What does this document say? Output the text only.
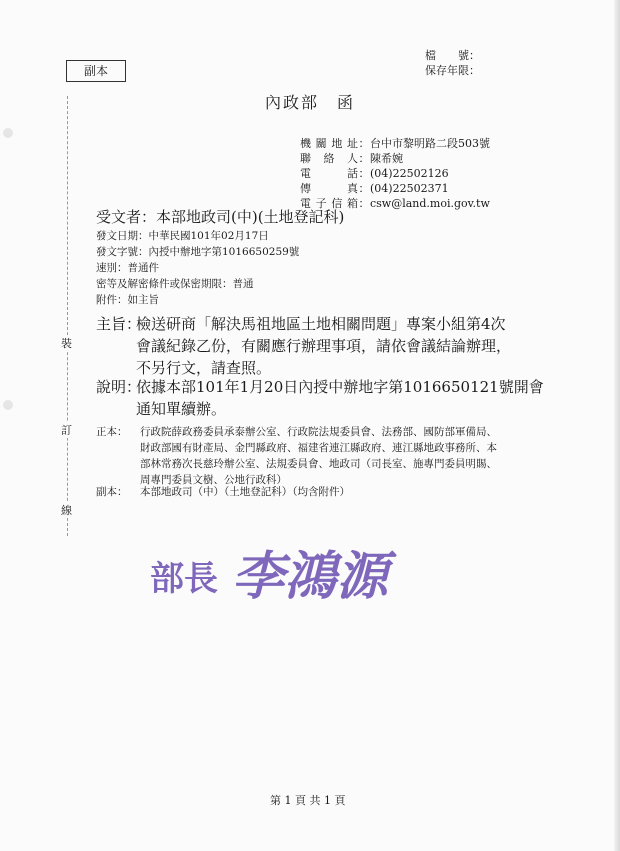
副本
檔　　號：
保存年限：
裝
訂
線
內政部　函
機關地址：台中市黎明路二段503號
聯絡人：陳希婉
電話：(04)22502126
傳真：(04)22502371
電子信箱：csw@land.moi.gov.tw
受文者：本部地政司(中)(土地登記科)
發文日期：中華民國101年02月17日
發文字號：內授中辦地字第1016650259號
速別：普通件
密等及解密條件或保密期限：普通
附件：如主旨
主旨：
檢送研商「解決馬祖地區土地相關問題」專案小組第4次
會議紀錄乙份，有關應行辦理事項，請依會議結論辦理，
不另行文，請查照。
說明：
依據本部101年1月20日內授中辦地字第1016650121號開會
通知單續辦。
正本： 行政院薛政務委員承泰辦公室、行政院法規委員會、法務部、國防部軍備局、
財政部國有財產局、金門縣政府、福建省連江縣政府、連江縣地政事務所、本
部林常務次長慈玲辦公室、法規委員會、地政司（司長室、施專門委員明賜、
周專門委員文樹、公地行政科）
副本： 本部地政司（中）（土地登記科）（均含附件）
部長 李鴻源
第 1 頁 共 1 頁
